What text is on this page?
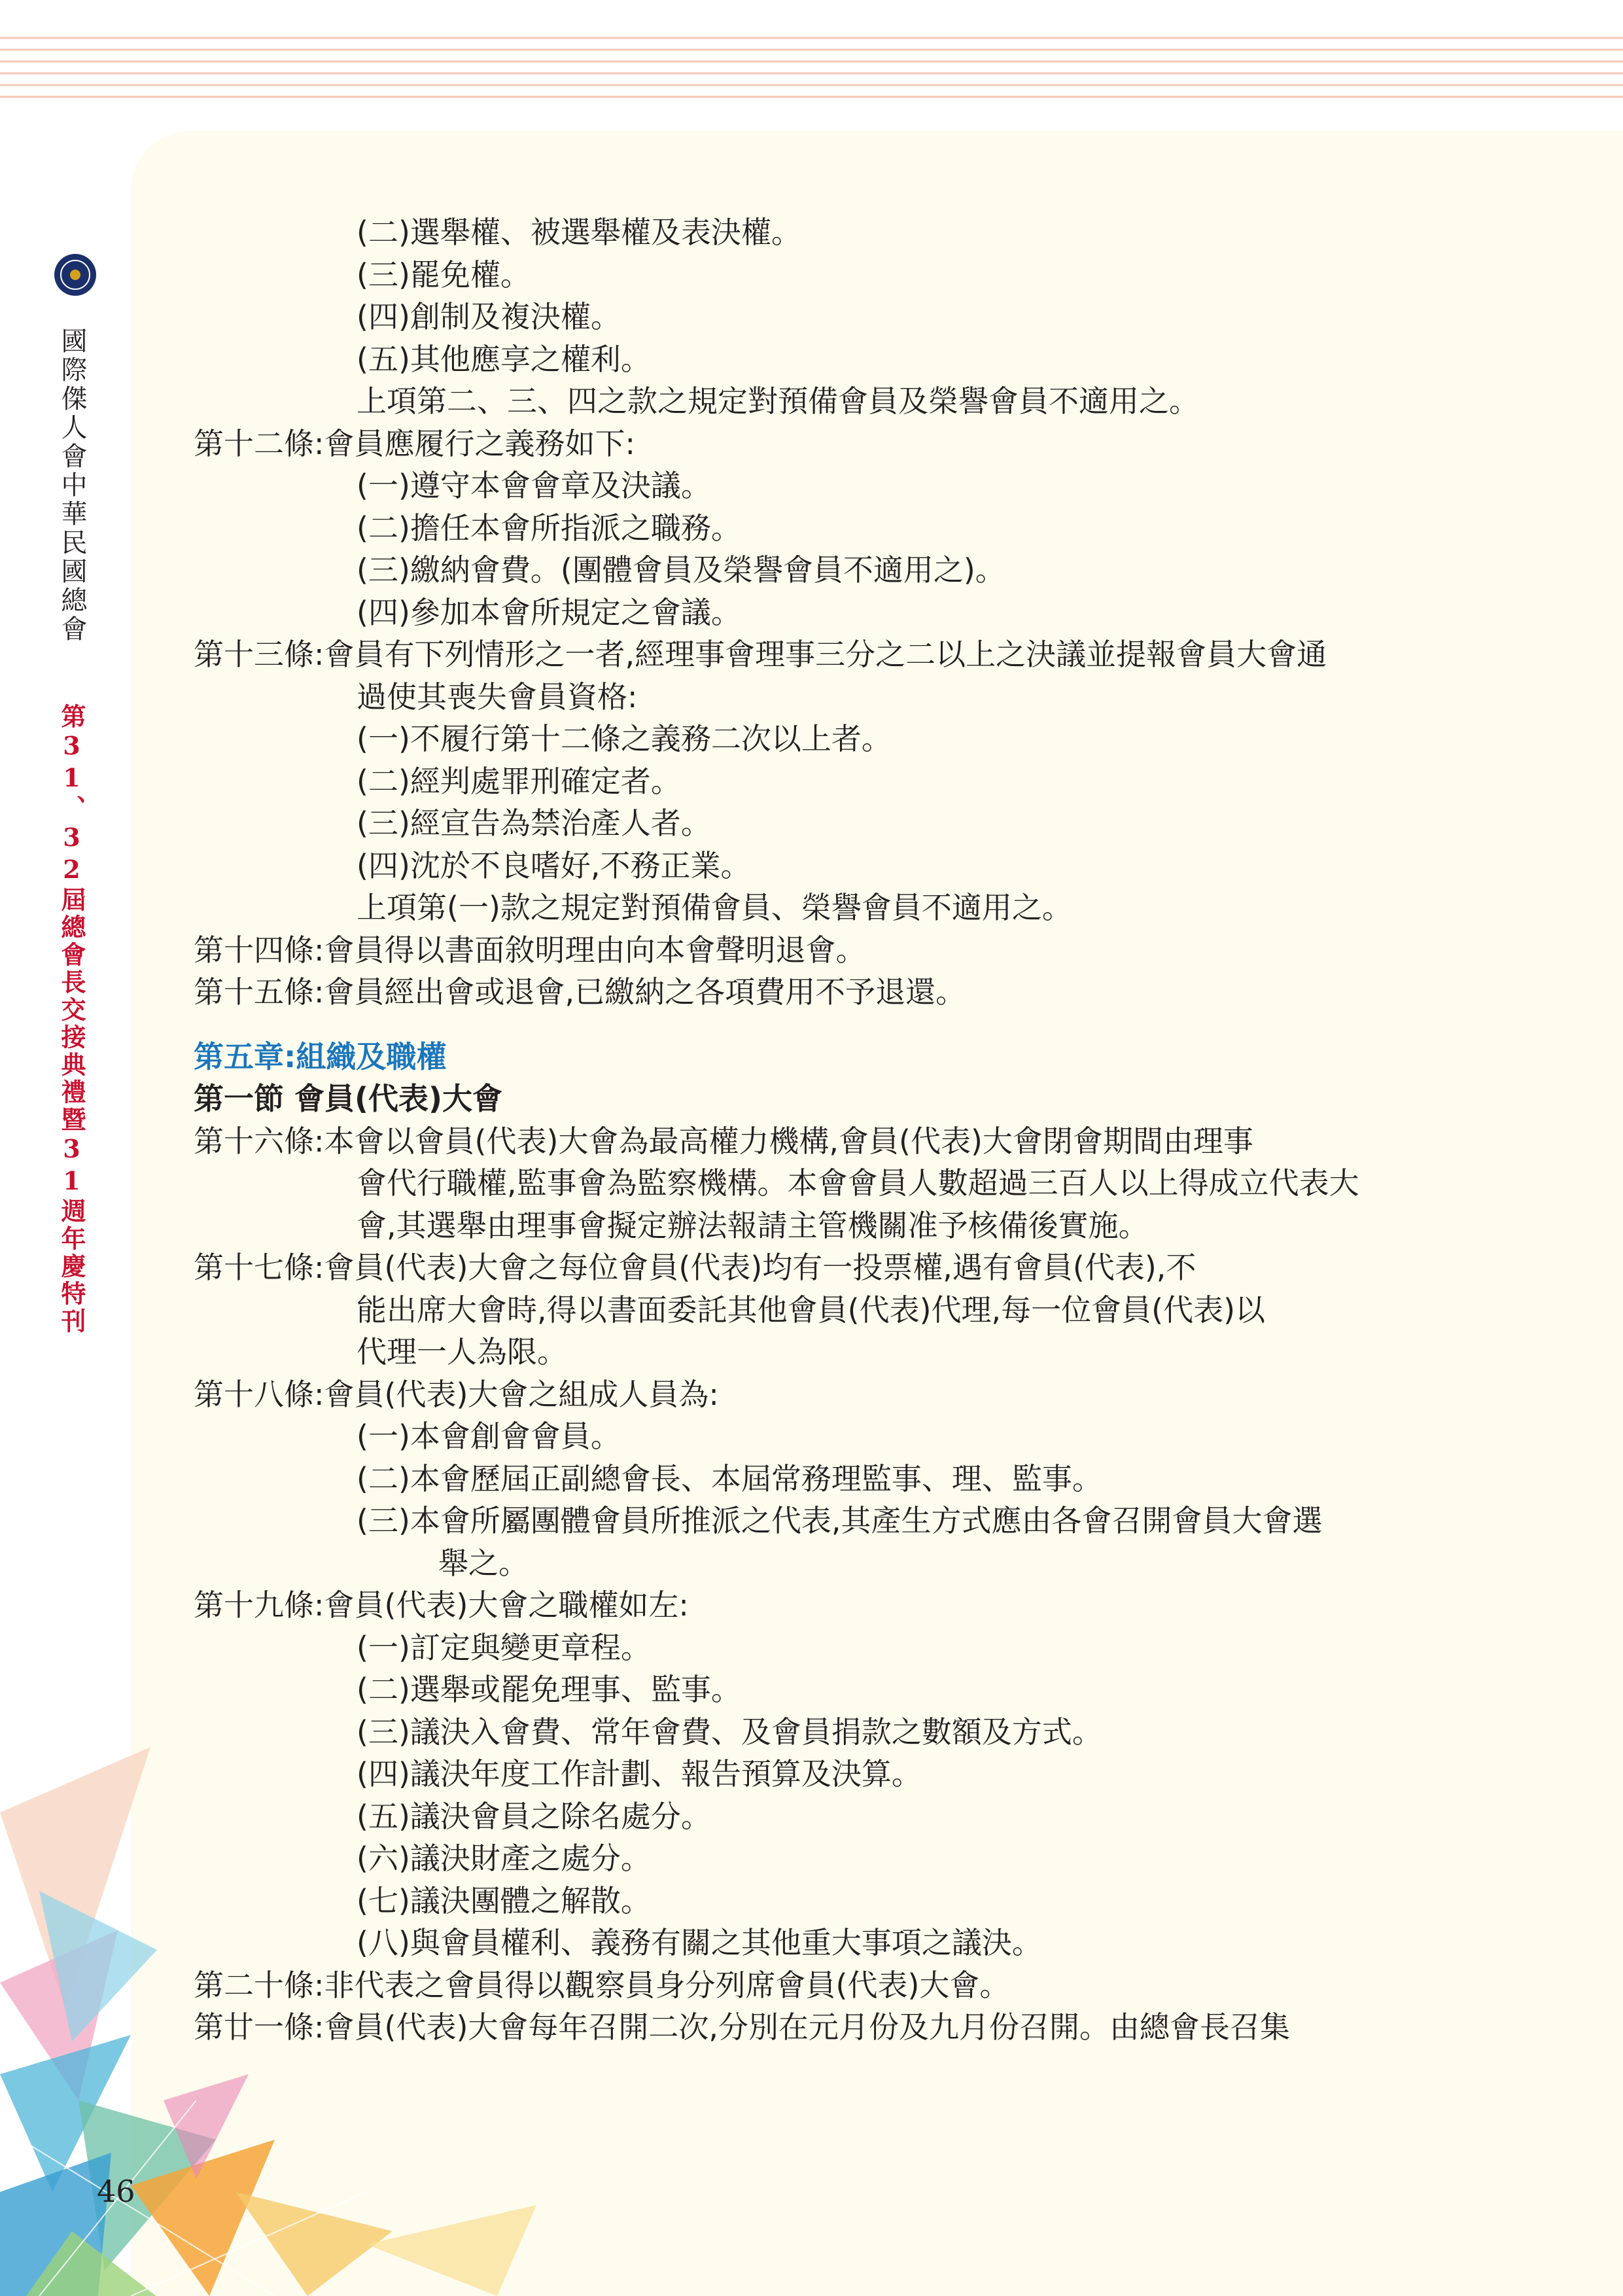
國際傑人會中華民國總會
第31、32屆總會長交接典禮暨31週年慶特刊
(二)選舉權、被選舉權及表決權。
(三)罷免權。
(四)創制及複決權。
(五)其他應享之權利。
上項第二、三、四之款之規定對預備會員及榮譽會員不適用之。
第十二條:會員應履行之義務如下:
(一)遵守本會會章及決議。
(二)擔任本會所指派之職務。
(三)繳納會費。(團體會員及榮譽會員不適用之)。
(四)參加本會所規定之會議。
第十三條:會員有下列情形之一者,經理事會理事三分之二以上之決議並提報會員大會通
過使其喪失會員資格:
(一)不履行第十二條之義務二次以上者。
(二)經判處罪刑確定者。
(三)經宣告為禁治產人者。
(四)沈於不良嗜好,不務正業。
上項第(一)款之規定對預備會員、榮譽會員不適用之。
第十四條:會員得以書面敘明理由向本會聲明退會。
第十五條:會員經出會或退會,已繳納之各項費用不予退還。
第五章:組織及職權
第一節 會員(代表)大會
第十六條:本會以會員(代表)大會為最高權力機構,會員(代表)大會閉會期間由理事
會代行職權,監事會為監察機構。本會會員人數超過三百人以上得成立代表大
會,其選舉由理事會擬定辦法報請主管機關准予核備後實施。
第十七條:會員(代表)大會之每位會員(代表)均有一投票權,遇有會員(代表),不
能出席大會時,得以書面委託其他會員(代表)代理,每一位會員(代表)以
代理一人為限。
第十八條:會員(代表)大會之組成人員為:
(一)本會創會會員。
(二)本會歷屆正副總會長、本屆常務理監事、理、監事。
(三)本會所屬團體會員所推派之代表,其產生方式應由各會召開會員大會選
舉之。
第十九條:會員(代表)大會之職權如左:
(一)訂定與變更章程。
(二)選舉或罷免理事、監事。
(三)議決入會費、常年會費、及會員捐款之數額及方式。
(四)議決年度工作計劃、報告預算及決算。
(五)議決會員之除名處分。
(六)議決財產之處分。
(七)議決團體之解散。
(八)與會員權利、義務有關之其他重大事項之議決。
第二十條:非代表之會員得以觀察員身分列席會員(代表)大會。
第廿一條:會員(代表)大會每年召開二次,分別在元月份及九月份召開。由總會長召集
46
